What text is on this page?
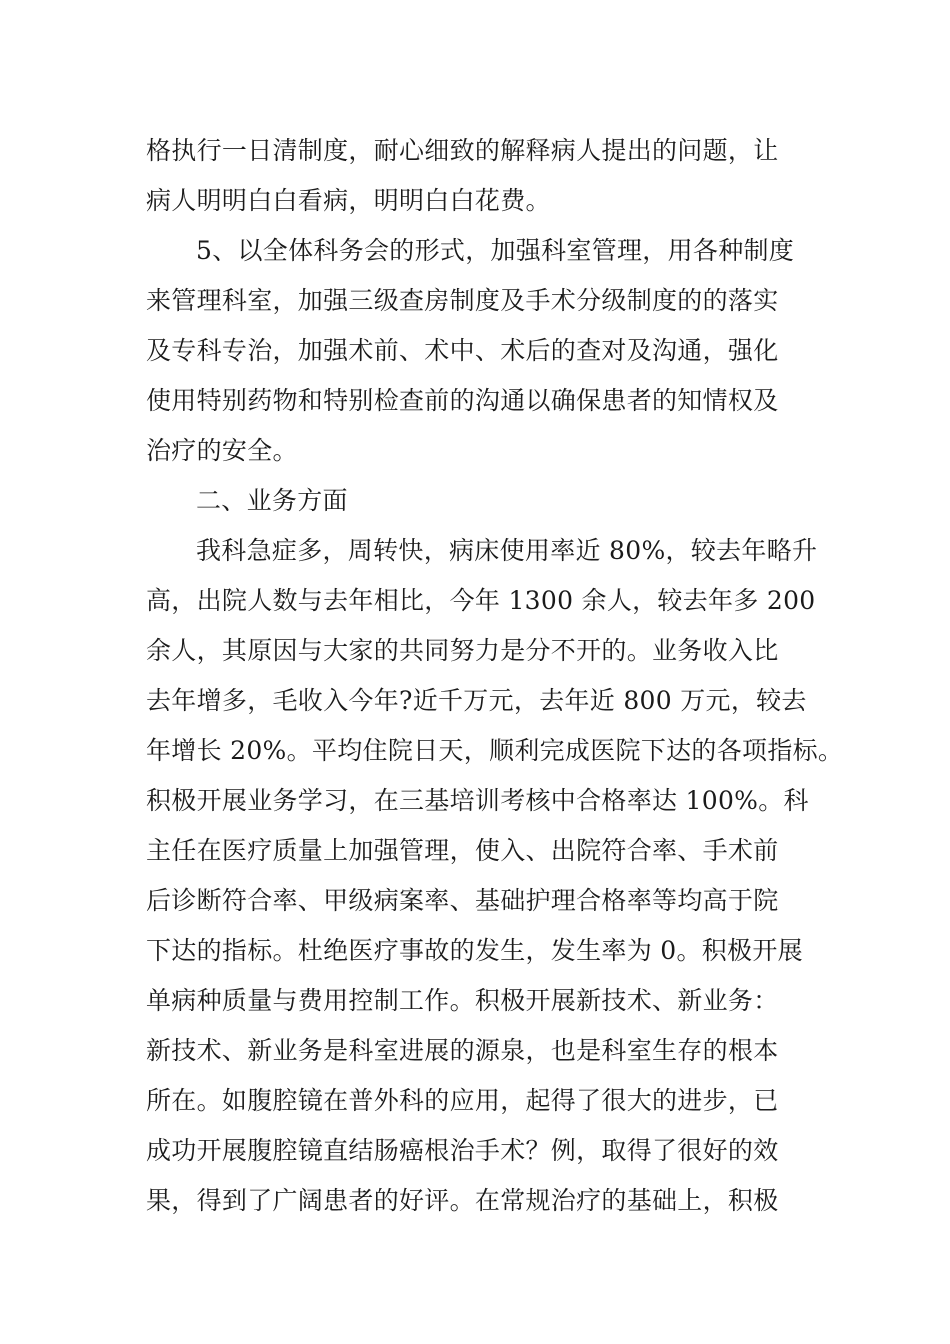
格执行一日清制度，耐心细致的解释病人提出的问题，让
病人明明白白看病，明明白白花费。
5、以全体科务会的形式，加强科室管理，用各种制度
来管理科室，加强三级查房制度及手术分级制度的的落实
及专科专治，加强术前、术中、术后的查对及沟通，强化
使用特别药物和特别检查前的沟通以确保患者的知情权及
治疗的安全。
二、业务方面
我科急症多，周转快，病床使用率近 80%，较去年略升
高，出院人数与去年相比，今年 1300 余人，较去年多 200
余人，其原因与大家的共同努力是分不开的。业务收入比
去年增多，毛收入今年?近千万元，去年近 800 万元，较去
年增长 20%。平均住院日天，顺利完成医院下达的各项指标。
积极开展业务学习，在三基培训考核中合格率达 100%。科
主任在医疗质量上加强管理，使入、出院符合率、手术前
后诊断符合率、甲级病案率、基础护理合格率等均高于院
下达的指标。杜绝医疗事故的发生，发生率为 0。积极开展
单病种质量与费用控制工作。积极开展新技术、新业务：
新技术、新业务是科室进展的源泉，也是科室生存的根本
所在。如腹腔镜在普外科的应用，起得了很大的进步，已
成功开展腹腔镜直结肠癌根治手术？例，取得了很好的效
果，得到了广阔患者的好评。在常规治疗的基础上，积极
